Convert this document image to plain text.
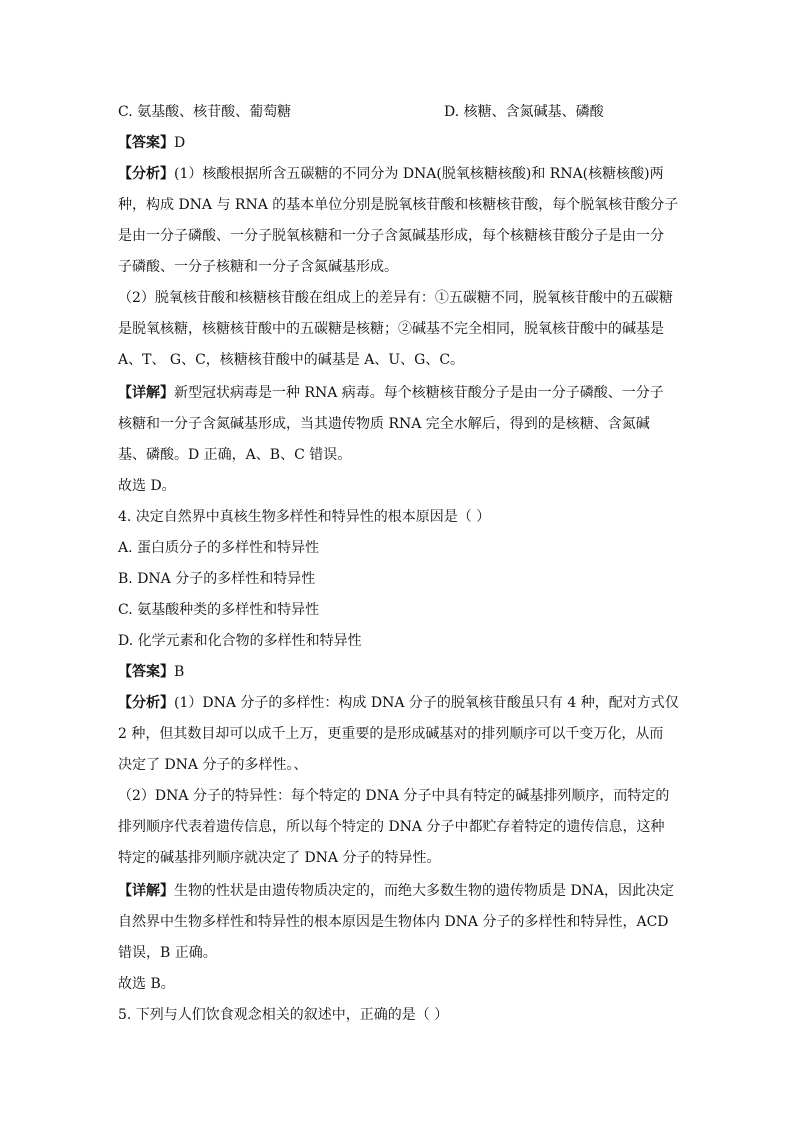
C. 氨基酸、核苷酸、葡萄糖	D. 核糖、含氮碱基、磷酸
【答案】D
【分析】(1）核酸根据所含五碳糖的不同分为 DNA(脱氧核糖核酸)和 RNA(核糖核酸)两
种，构成 DNA 与 RNA 的基本单位分别是脱氧核苷酸和核糖核苷酸，每个脱氧核苷酸分子
是由一分子磷酸、一分子脱氧核糖和一分子含氮碱基形成，每个核糖核苷酸分子是由一分
子磷酸、一分子核糖和一分子含氮碱基形成。
（2）脱氧核苷酸和核糖核苷酸在组成上的差异有：①五碳糖不同，脱氧核苷酸中的五碳糖
是脱氧核糖，核糖核苷酸中的五碳糖是核糖；②碱基不完全相同，脱氧核苷酸中的碱基是
A、T、 G、C，核糖核苷酸中的碱基是 A、U、G、C。
【详解】新型冠状病毒是一种 RNA 病毒。每个核糖核苷酸分子是由一分子磷酸、一分子
核糖和一分子含氮碱基形成，当其遗传物质 RNA 完全水解后，得到的是核糖、含氮碱
基、磷酸。D 正确，A、B、C 错误。
故选 D。
4. 决定自然界中真核生物多样性和特异性的根本原因是（ ）
A. 蛋白质分子的多样性和特异性
B. DNA 分子的多样性和特异性
C. 氨基酸种类的多样性和特异性
D. 化学元素和化合物的多样性和特异性
【答案】B
【分析】(1）DNA 分子的多样性：构成 DNA 分子的脱氧核苷酸虽只有 4 种，配对方式仅
2 种，但其数目却可以成千上万，更重要的是形成碱基对的排列顺序可以千变万化，从而
决定了 DNA 分子的多样性。、
（2）DNA 分子的特异性：每个特定的 DNA 分子中具有特定的碱基排列顺序，而特定的
排列顺序代表着遗传信息，所以每个特定的 DNA 分子中都贮存着特定的遗传信息，这种
特定的碱基排列顺序就决定了 DNA 分子的特异性。
【详解】生物的性状是由遗传物质决定的，而绝大多数生物的遗传物质是 DNA，因此决定
自然界中生物多样性和特异性的根本原因是生物体内 DNA 分子的多样性和特异性，ACD
错误，B 正确。
故选 B。
5. 下列与人们饮食观念相关的叙述中，正确的是（ ）
